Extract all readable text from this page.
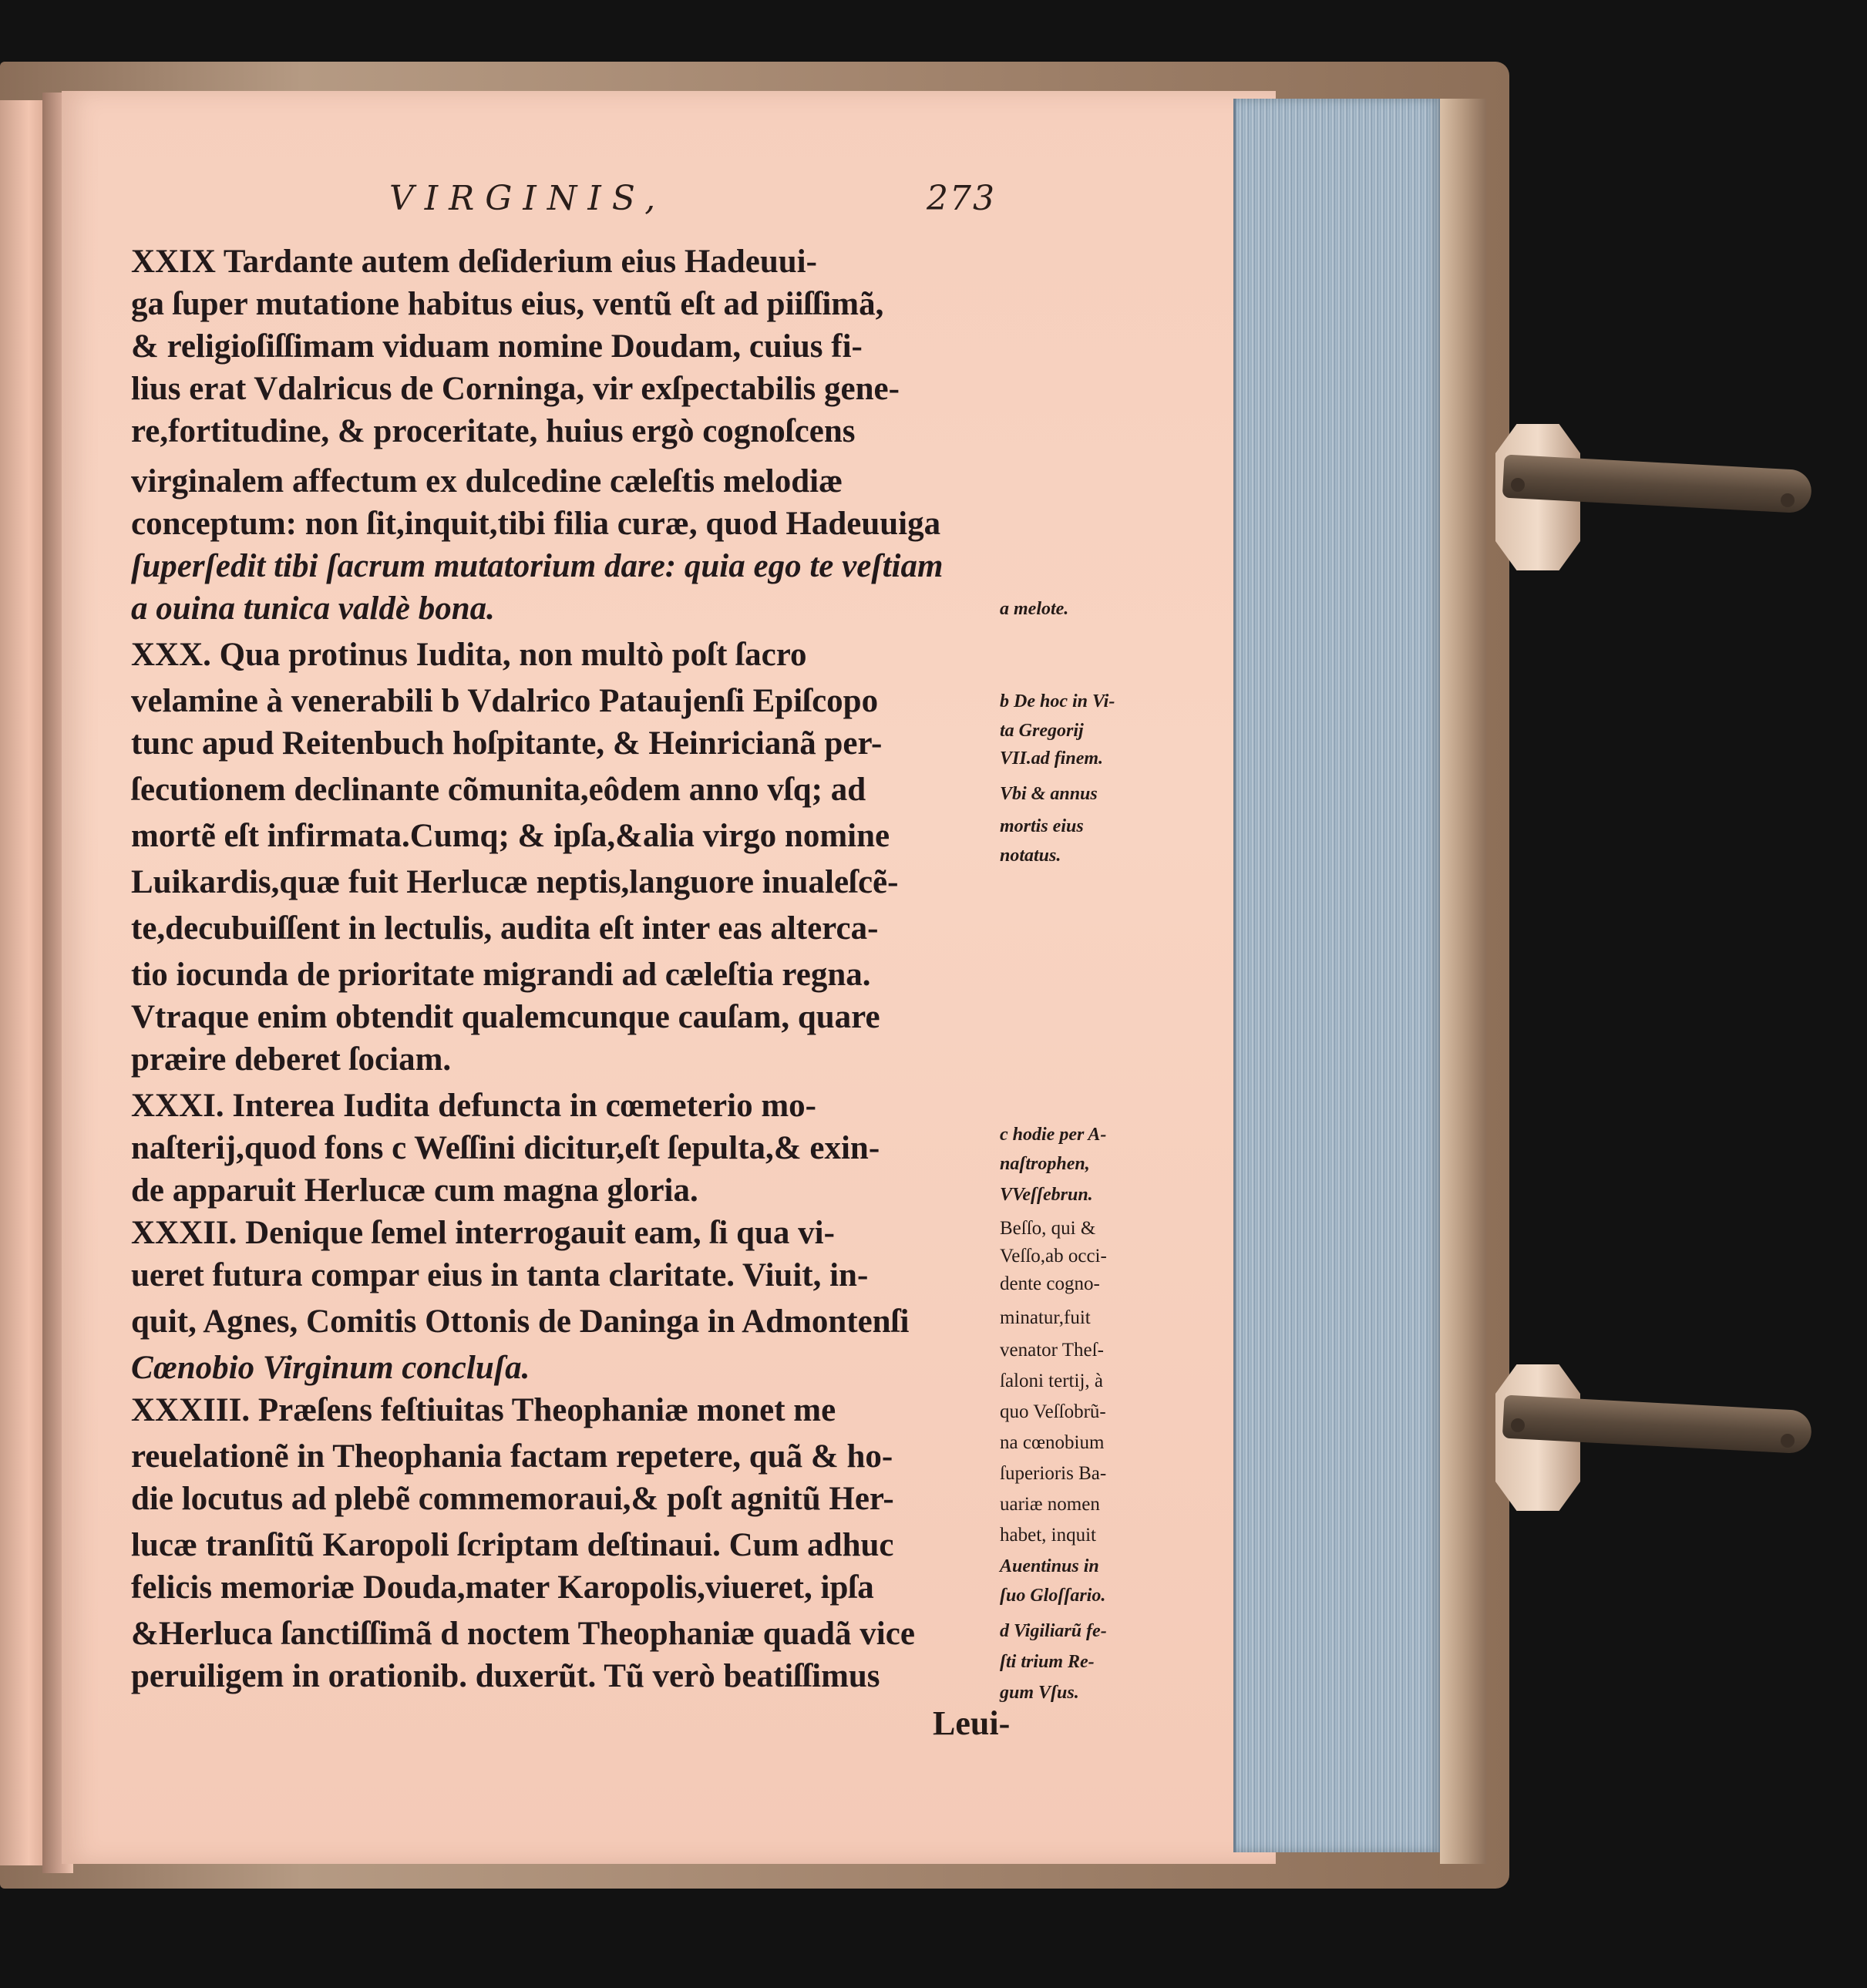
VIRGINIS,	273
XXIX Tardante autem deſiderium eius Hadeuui-
ga ſuper mutatione habitus eius, ventũ eſt ad piiſſimã,
& religioſiſſimam viduam nomine Doudam, cuius fi-
lius erat Vdalricus de Corninga, vir exſpectabilis gene-
re,fortitudine, & proceritate, huius ergò cognoſcens
virginalem affectum ex dulcedine cæleſtis melodiæ
conceptum: non ſit,inquit,tibi filia curæ, quod Hadeuuiga
ſuperſedit tibi ſacrum mutatorium dare: quia ego te veſtiam
a ouina tunica valdè bona.
XXX. Qua protinus Iudita, non multò poſt ſacro
velamine à venerabili b Vdalrico Pataujenſi Epiſcopo
tunc apud Reitenbuch hoſpitante, & Heinricianã per-
ſecutionem declinante cõmunita,eôdem anno vſq; ad
mortẽ eſt infirmata.Cumq; & ipſa,&alia virgo nomine
Luikardis,quæ fuit Herlucæ neptis,languore inualeſcẽ-
te,decubuiſſent in lectulis, audita eſt inter eas alterca-
tio iocunda de prioritate migrandi ad cæleſtia regna.
Vtraque enim obtendit qualemcunque cauſam, quare
præire deberet ſociam.
XXXI. Interea Iudita defuncta in cœmeterio mo-
naſterij,quod fons c Weſſini dicitur,eſt ſepulta,& exin-
de apparuit Herlucæ cum magna gloria.
XXXII. Denique ſemel interrogauit eam, ſi qua vi-
ueret futura compar eius in tanta claritate. Viuit, in-
quit, Agnes, Comitis Ottonis de Daninga in Admontenſi
Cœnobio Virginum concluſa.
XXXIII. Præſens feſtiuitas Theophaniæ monet me
reuelationẽ in Theophania factam repetere, quã & ho-
die locutus ad plebẽ commemoraui,& poſt agnitũ Her-
lucæ tranſitũ Karopoli ſcriptam deſtinaui. Cum adhuc
felicis memoriæ Douda,mater Karopolis,viueret, ipſa
&Herluca ſanctiſſimã d noctem Theophaniæ quadã vice
peruiligem in orationib. duxerũt. Tũ verò beatiſſimus
Leui-
a melote.
b De hoc in Vi-
ta Gregorij
VII.ad finem.
Vbi & annus
mortis eius
notatus.
c hodie per A-
naſtrophen,
VVeſſebrun.
Beſſo, qui &
Veſſo,ab occi-
dente cogno-
minatur,fuit
venator Theſ-
ſaloni tertij, à
quo Veſſobrũ-
na cœnobium
ſuperioris Ba-
uariæ nomen
habet, inquit
Auentinus in
ſuo Gloſſario.
d Vigiliarũ fe-
ſti trium Re-
gum Vſus.
